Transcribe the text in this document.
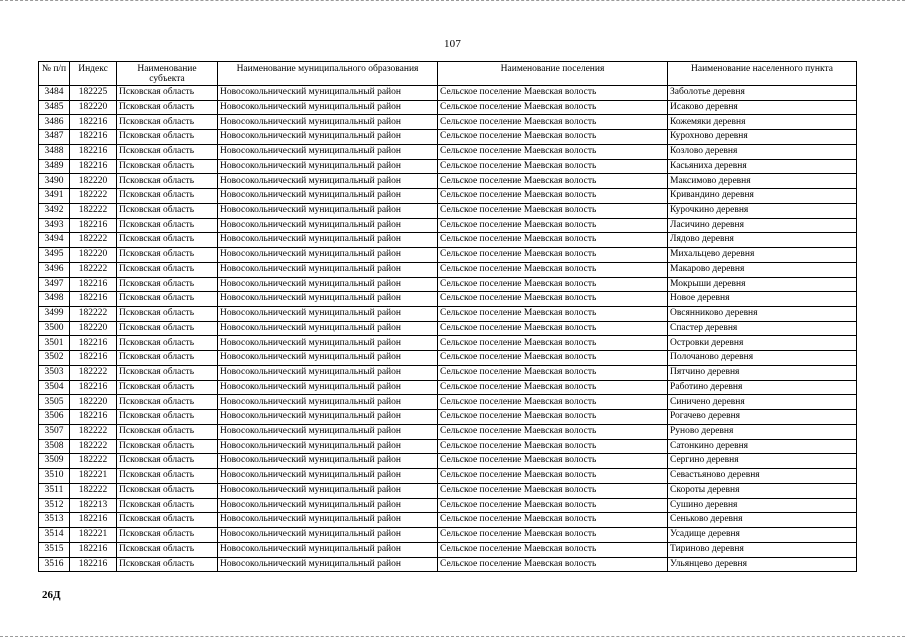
107
№ п/п	Индекс	Наименование субъекта	Наименование муниципального образования	Наименование поселения	Наименование населенного пункта
3484	182225	Псковская область	Новосокольнический муниципальный район	Сельское поселение Маевская волость	Заболотье деревня
3485	182220	Псковская область	Новосокольнический муниципальный район	Сельское поселение Маевская волость	Исаково деревня
3486	182216	Псковская область	Новосокольнический муниципальный район	Сельское поселение Маевская волость	Кожемяки деревня
3487	182216	Псковская область	Новосокольнический муниципальный район	Сельское поселение Маевская волость	Курохново деревня
3488	182216	Псковская область	Новосокольнический муниципальный район	Сельское поселение Маевская волость	Козлово деревня
3489	182216	Псковская область	Новосокольнический муниципальный район	Сельское поселение Маевская волость	Касьяниха деревня
3490	182220	Псковская область	Новосокольнический муниципальный район	Сельское поселение Маевская волость	Максимово деревня
3491	182222	Псковская область	Новосокольнический муниципальный район	Сельское поселение Маевская волость	Кривандино деревня
3492	182222	Псковская область	Новосокольнический муниципальный район	Сельское поселение Маевская волость	Курочкино деревня
3493	182216	Псковская область	Новосокольнический муниципальный район	Сельское поселение Маевская волость	Ласичино деревня
3494	182222	Псковская область	Новосокольнический муниципальный район	Сельское поселение Маевская волость	Лядово деревня
3495	182220	Псковская область	Новосокольнический муниципальный район	Сельское поселение Маевская волость	Михальцево деревня
3496	182222	Псковская область	Новосокольнический муниципальный район	Сельское поселение Маевская волость	Макарово деревня
3497	182216	Псковская область	Новосокольнический муниципальный район	Сельское поселение Маевская волость	Мокрыши деревня
3498	182216	Псковская область	Новосокольнический муниципальный район	Сельское поселение Маевская волость	Новое деревня
3499	182222	Псковская область	Новосокольнический муниципальный район	Сельское поселение Маевская волость	Овсянниково деревня
3500	182220	Псковская область	Новосокольнический муниципальный район	Сельское поселение Маевская волость	Спастер деревня
3501	182216	Псковская область	Новосокольнический муниципальный район	Сельское поселение Маевская волость	Островки деревня
3502	182216	Псковская область	Новосокольнический муниципальный район	Сельское поселение Маевская волость	Полочаново деревня
3503	182222	Псковская область	Новосокольнический муниципальный район	Сельское поселение Маевская волость	Пятчино деревня
3504	182216	Псковская область	Новосокольнический муниципальный район	Сельское поселение Маевская волость	Работино деревня
3505	182220	Псковская область	Новосокольнический муниципальный район	Сельское поселение Маевская волость	Синичено деревня
3506	182216	Псковская область	Новосокольнический муниципальный район	Сельское поселение Маевская волость	Рогачево деревня
3507	182222	Псковская область	Новосокольнический муниципальный район	Сельское поселение Маевская волость	Руново деревня
3508	182222	Псковская область	Новосокольнический муниципальный район	Сельское поселение Маевская волость	Сатонкино деревня
3509	182222	Псковская область	Новосокольнический муниципальный район	Сельское поселение Маевская волость	Сергино деревня
3510	182221	Псковская область	Новосокольнический муниципальный район	Сельское поселение Маевская волость	Севастьяново деревня
3511	182222	Псковская область	Новосокольнический муниципальный район	Сельское поселение Маевская волость	Скороты деревня
3512	182213	Псковская область	Новосокольнический муниципальный район	Сельское поселение Маевская волость	Сушино деревня
3513	182216	Псковская область	Новосокольнический муниципальный район	Сельское поселение Маевская волость	Сеньково деревня
3514	182221	Псковская область	Новосокольнический муниципальный район	Сельское поселение Маевская волость	Усадище деревня
3515	182216	Псковская область	Новосокольнический муниципальный район	Сельское поселение Маевская волость	Тириново деревня
3516	182216	Псковская область	Новосокольнический муниципальный район	Сельское поселение Маевская волость	Ульянцево деревня
26Д
